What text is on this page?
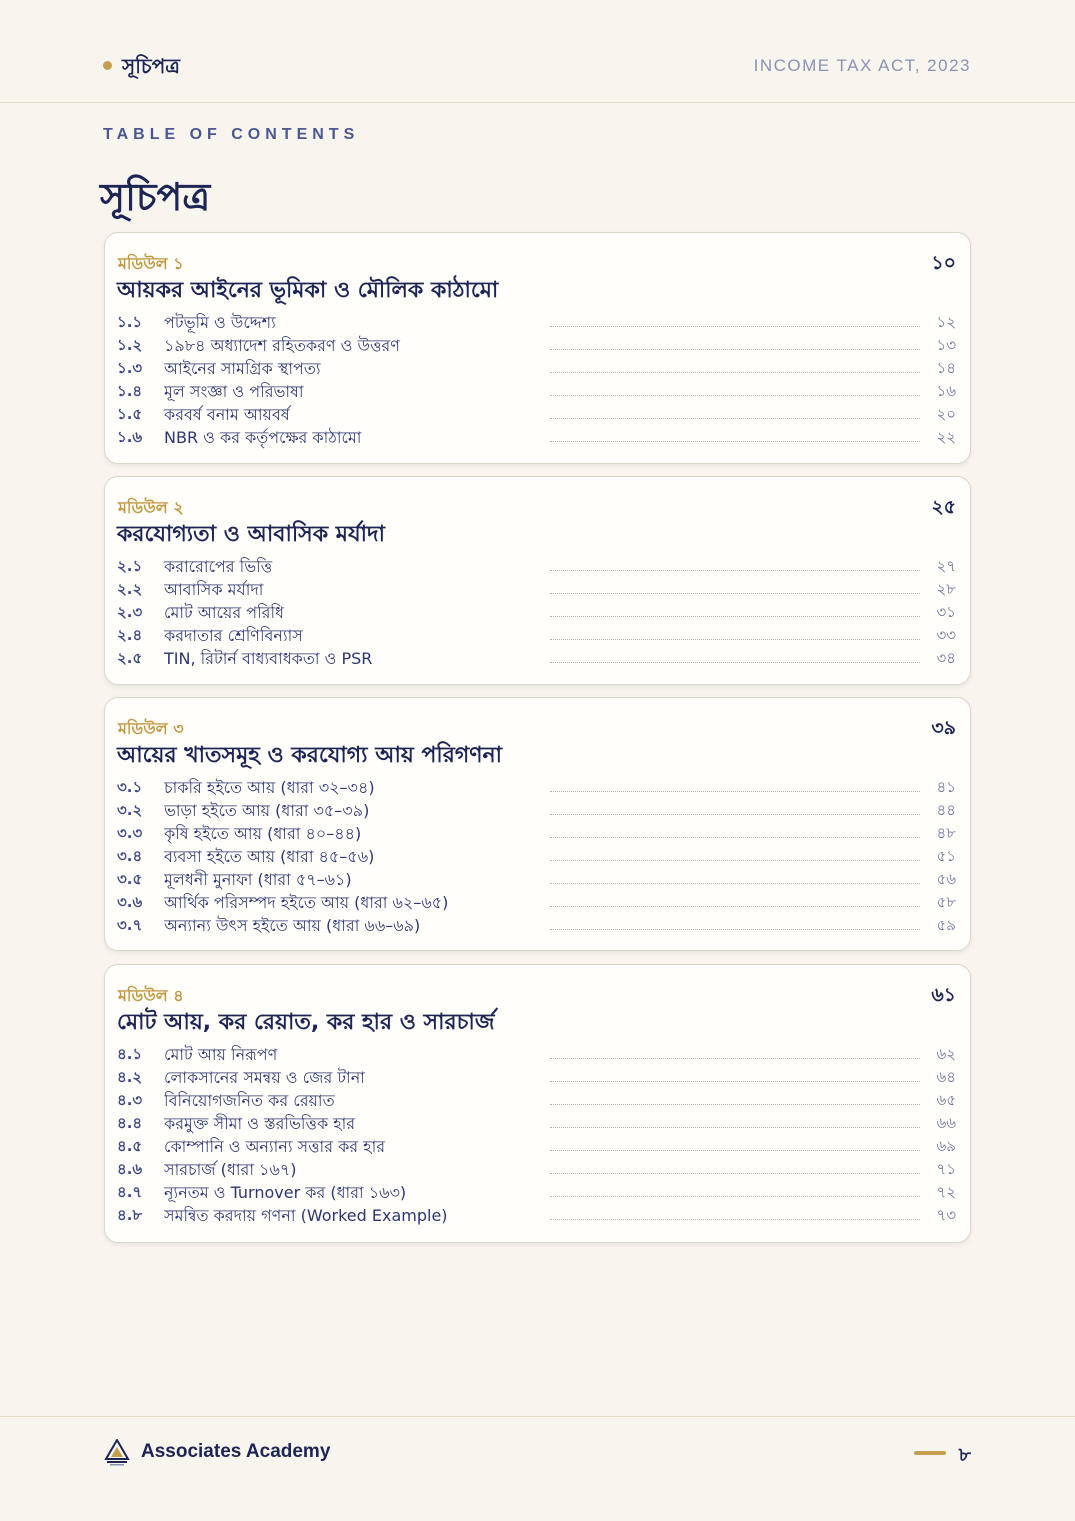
সূচিপত্র	INCOME TAX ACT, 2023
TABLE OF CONTENTS
সূচিপত্র
মডিউল ১	১০
আয়কর আইনের ভূমিকা ও মৌলিক কাঠামো
১.১	পটভূমি ও উদ্দেশ্য	১২
১.২	১৯৮৪ অধ্যাদেশ রহিতকরণ ও উত্তরণ	১৩
১.৩	আইনের সামগ্রিক স্থাপত্য	১৪
১.৪	মূল সংজ্ঞা ও পরিভাষা	১৬
১.৫	করবর্ষ বনাম আয়বর্ষ	২০
১.৬	NBR ও কর কর্তৃপক্ষের কাঠামো	২২
মডিউল ২	২৫
করযোগ্যতা ও আবাসিক মর্যাদা
২.১	করারোপের ভিত্তি	২৭
২.২	আবাসিক মর্যাদা	২৮
২.৩	মোট আয়ের পরিধি	৩১
২.৪	করদাতার শ্রেণিবিন্যাস	৩৩
২.৫	TIN, রিটার্ন বাধ্যবাধকতা ও PSR	৩৪
মডিউল ৩	৩৯
আয়ের খাতসমূহ ও করযোগ্য আয় পরিগণনা
৩.১	চাকরি হইতে আয় (ধারা ৩২–৩৪)	৪১
৩.২	ভাড়া হইতে আয় (ধারা ৩৫–৩৯)	৪৪
৩.৩	কৃষি হইতে আয় (ধারা ৪০–৪৪)	৪৮
৩.৪	ব্যবসা হইতে আয় (ধারা ৪৫–৫৬)	৫১
৩.৫	মূলধনী মুনাফা (ধারা ৫৭–৬১)	৫৬
৩.৬	আর্থিক পরিসম্পদ হইতে আয় (ধারা ৬২–৬৫)	৫৮
৩.৭	অন্যান্য উৎস হইতে আয় (ধারা ৬৬–৬৯)	৫৯
মডিউল ৪	৬১
মোট আয়, কর রেয়াত, কর হার ও সারচার্জ
৪.১	মোট আয় নিরূপণ	৬২
৪.২	লোকসানের সমন্বয় ও জের টানা	৬৪
৪.৩	বিনিয়োগজনিত কর রেয়াত	৬৫
৪.৪	করমুক্ত সীমা ও স্তরভিত্তিক হার	৬৬
৪.৫	কোম্পানি ও অন্যান্য সত্তার কর হার	৬৯
৪.৬	সারচার্জ (ধারা ১৬৭)	৭১
৪.৭	ন্যূনতম ও Turnover কর (ধারা ১৬৩)	৭২
৪.৮	সমন্বিত করদায় গণনা (Worked Example)	৭৩
Associates Academy	৮
